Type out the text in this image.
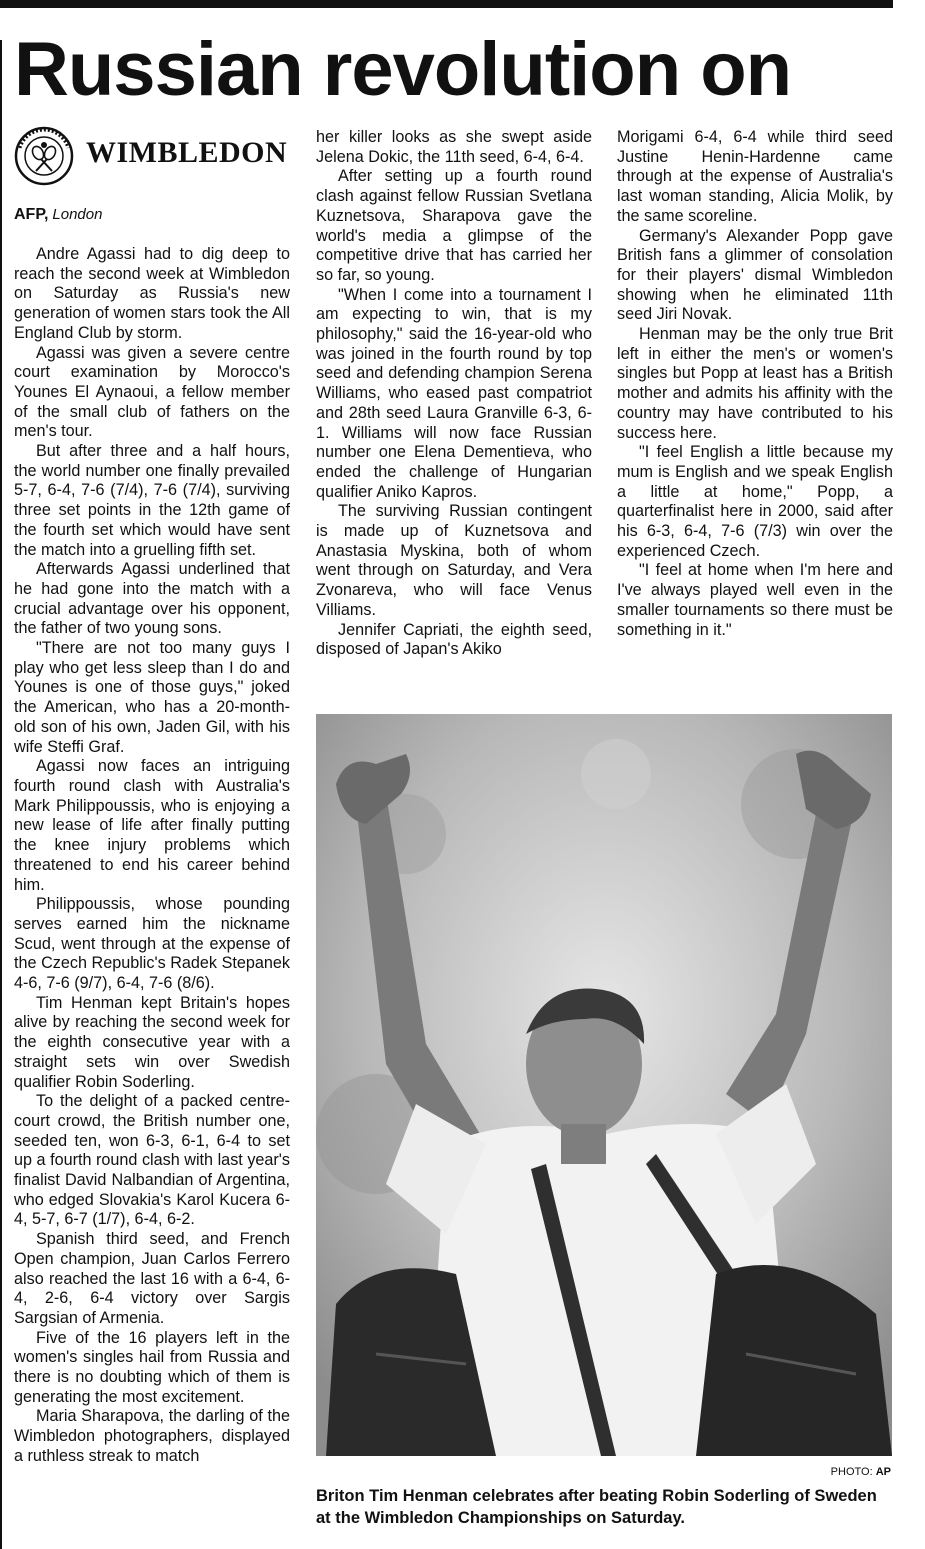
Russian revolution on
WIMBLEDON
AFP, London

Andre Agassi had to dig deep to reach the second week at Wimbledon on Saturday as Russia's new generation of women stars took the All England Club by storm.

Agassi was given a severe centre court examination by Morocco's Younes El Aynaoui, a fellow member of the small club of fathers on the men's tour.

But after three and a half hours, the world number one finally prevailed 5-7, 6-4, 7-6 (7/4), 7-6 (7/4), surviving three set points in the 12th game of the fourth set which would have sent the match into a gruelling fifth set.

Afterwards Agassi underlined that he had gone into the match with a crucial advantage over his opponent, the father of two young sons.

"There are not too many guys I play who get less sleep than I do and Younes is one of those guys," joked the American, who has a 20-month-old son of his own, Jaden Gil, with his wife Steffi Graf.

Agassi now faces an intriguing fourth round clash with Australia's Mark Philippoussis, who is enjoying a new lease of life after finally putting the knee injury problems which threatened to end his career behind him.

Philippoussis, whose pounding serves earned him the nickname Scud, went through at the expense of the Czech Republic's Radek Stepanek 4-6, 7-6 (9/7), 6-4, 7-6 (8/6).

Tim Henman kept Britain's hopes alive by reaching the second week for the eighth consecutive year with a straight sets win over Swedish qualifier Robin Soderling.

To the delight of a packed centre-court crowd, the British number one, seeded ten, won 6-3, 6-1, 6-4 to set up a fourth round clash with last year's finalist David Nalbandian of Argentina, who edged Slovakia's Karol Kucera 6-4, 5-7, 6-7 (1/7), 6-4, 6-2.

Spanish third seed, and French Open champion, Juan Carlos Ferrero also reached the last 16 with a 6-4, 6-4, 2-6, 6-4 victory over Sargis Sargsian of Armenia.

Five of the 16 players left in the women's singles hail from Russia and there is no doubting which of them is generating the most excitement.

Maria Sharapova, the darling of the Wimbledon photographers, displayed a ruthless streak to match

her killer looks as she swept aside Jelena Dokic, the 11th seed, 6-4, 6-4.

After setting up a fourth round clash against fellow Russian Svetlana Kuznetsova, Sharapova gave the world's media a glimpse of the competitive drive that has carried her so far, so young.

"When I come into a tournament I am expecting to win, that is my philosophy," said the 16-year-old who was joined in the fourth round by top seed and defending champion Serena Williams, who eased past compatriot and 28th seed Laura Granville 6-3, 6-1. Williams will now face Russian number one Elena Dementieva, who ended the challenge of Hungarian qualifier Aniko Kapros.

The surviving Russian contingent is made up of Kuznetsova and Anastasia Myskina, both of whom went through on Saturday, and Vera Zvonareva, who will face Venus Villiams.

Jennifer Capriati, the eighth seed, disposed of Japan's Akiko

Morigami 6-4, 6-4 while third seed Justine Henin-Hardenne came through at the expense of Australia's last woman standing, Alicia Molik, by the same scoreline.

Germany's Alexander Popp gave British fans a glimmer of consolation for their players' dismal Wimbledon showing when he eliminated 11th seed Jiri Novak.

Henman may be the only true Brit left in either the men's or women's singles but Popp at least has a British mother and admits his affinity with the country may have contributed to his success here.

"I feel English a little because my mum is English and we speak English a little at home," Popp, a quarterfinalist here in 2000, said after his 6-3, 6-4, 7-6 (7/3) win over the experienced Czech.

"I feel at home when I'm here and I've always played well even in the smaller tournaments so there must be something in it."

PHOTO: AP
Briton Tim Henman celebrates after beating Robin Soderling of Sweden at the Wimbledon Championships on Saturday.
